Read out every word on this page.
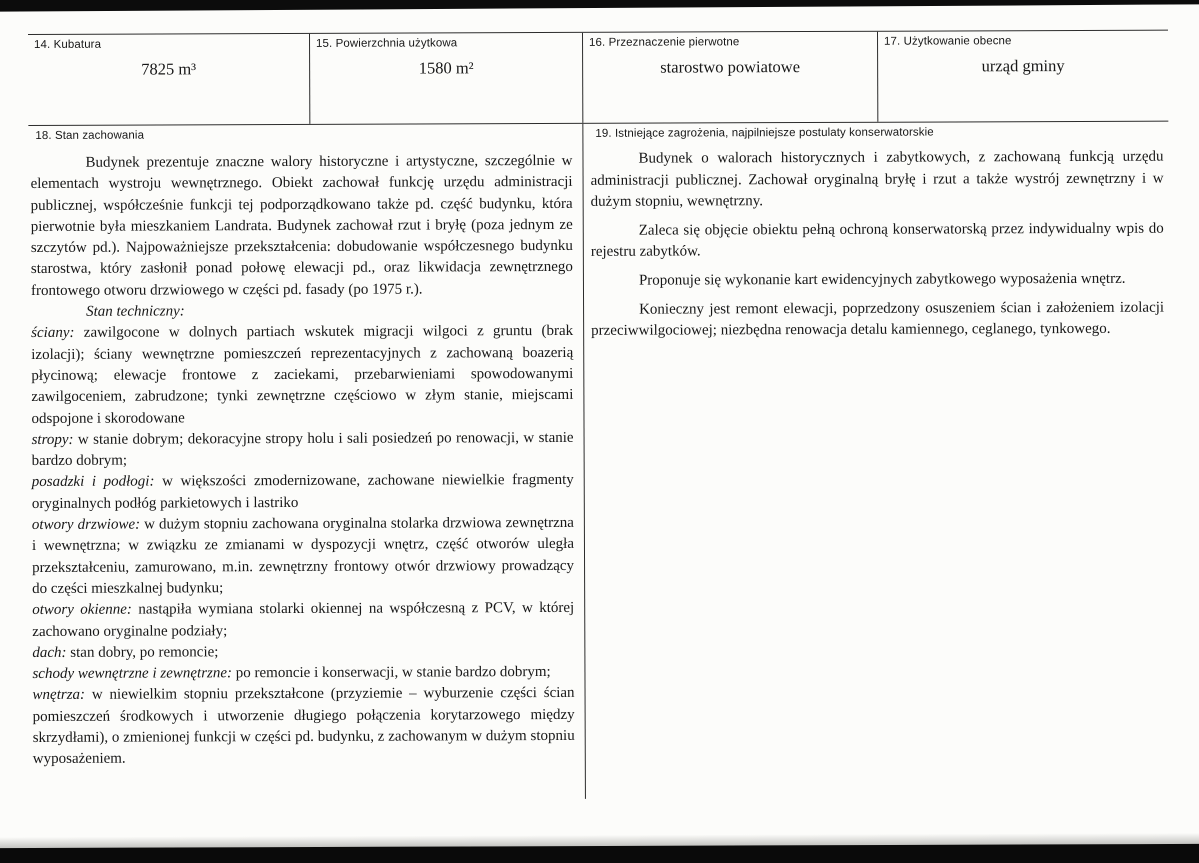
14. Kubatura
7825 m³
15. Powierzchnia użytkowa
1580 m²
16. Przeznaczenie pierwotne
starostwo powiatowe
17. Użytkowanie obecne
urząd gminy
18. Stan zachowania

Budynek prezentuje znaczne walory historyczne i artystyczne, szczególnie w elementach wystroju wewnętrznego. Obiekt zachował funkcję urzędu administracji publicznej, współcześnie funkcji tej podporządkowano także pd. część budynku, która pierwotnie była mieszkaniem Landrata. Budynek zachował rzut i bryłę (poza jednym ze szczytów pd.). Najpoważniejsze przekształcenia: dobudowanie współczesnego budynku starostwa, który zasłonił ponad połowę elewacji pd., oraz likwidacja zewnętrznego frontowego otworu drzwiowego w części pd. fasady (po 1975 r.).

Stan techniczny:

ściany: zawilgocone w dolnych partiach wskutek migracji wilgoci z gruntu (brak izolacji); ściany wewnętrzne pomieszczeń reprezentacyjnych z zachowaną boazerią płycinową; elewacje frontowe z zaciekami, przebarwieniami spowodowanymi zawilgoceniem, zabrudzone; tynki zewnętrzne częściowo w złym stanie, miejscami odspojone i skorodowane

stropy: w stanie dobrym; dekoracyjne stropy holu i sali posiedzeń po renowacji, w stanie bardzo dobrym;

posadzki i podłogi: w większości zmodernizowane, zachowane niewielkie fragmenty oryginalnych podłóg parkietowych i lastriko

otwory drzwiowe: w dużym stopniu zachowana oryginalna stolarka drzwiowa zewnętrzna i wewnętrzna; w związku ze zmianami w dyspozycji wnętrz, część otworów uległa przekształceniu, zamurowano, m.in. zewnętrzny frontowy otwór drzwiowy prowadzący do części mieszkalnej budynku;

otwory okienne: nastąpiła wymiana stolarki okiennej na współczesną z PCV, w której zachowano oryginalne podziały;

dach: stan dobry, po remoncie;

schody wewnętrzne i zewnętrzne: po remoncie i konserwacji, w stanie bardzo dobrym;

wnętrza: w niewielkim stopniu przekształcone (przyziemie – wyburzenie części ścian pomieszczeń środkowych i utworzenie długiego połączenia korytarzowego między skrzydłami), o zmienionej funkcji w części pd. budynku, z zachowanym w dużym stopniu wyposażeniem.

19. Istniejące zagrożenia, najpilniejsze postulaty konserwatorskie

Budynek o walorach historycznych i zabytkowych, z zachowaną funkcją urzędu administracji publicznej. Zachował oryginalną bryłę i rzut a także wystrój zewnętrzny i w dużym stopniu, wewnętrzny.

Zaleca się objęcie obiektu pełną ochroną konserwatorską przez indywidualny wpis do rejestru zabytków.

Proponuje się wykonanie kart ewidencyjnych zabytkowego wyposażenia wnętrz.

Konieczny jest remont elewacji, poprzedzony osuszeniem ścian i założeniem izolacji przeciwwilgociowej; niezbędna renowacja detalu kamiennego, ceglanego, tynkowego.
